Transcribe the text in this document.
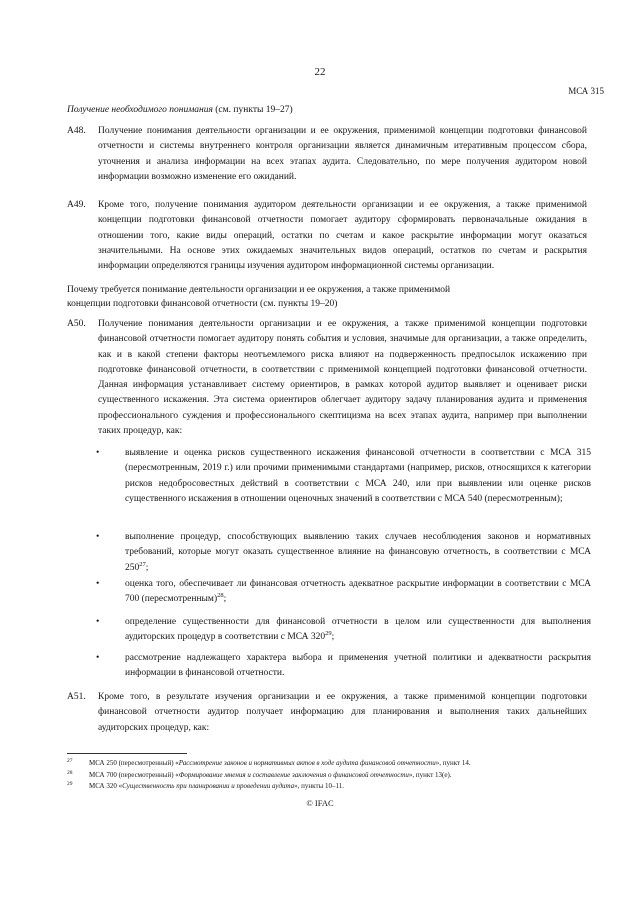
22
МСА 315
Получение необходимого понимания (см. пункты 19–27)
A48. Получение понимания деятельности организации и ее окружения, применимой концепции подготовки финансовой отчетности и системы внутреннего контроля организации является динамичным итеративным процессом сбора, уточнения и анализа информации на всех этапах аудита. Следовательно, по мере получения аудитором новой информации возможно изменение его ожиданий.
A49. Кроме того, получение понимания аудитором деятельности организации и ее окружения, а также применимой концепции подготовки финансовой отчетности помогает аудитору сформировать первоначальные ожидания в отношении того, какие виды операций, остатки по счетам и какое раскрытие информации могут оказаться значительными. На основе этих ожидаемых значительных видов операций, остатков по счетам и раскрытия информации определяются границы изучения аудитором информационной системы организации.
Почему требуется понимание деятельности организации и ее окружения, а также применимой
концепции подготовки финансовой отчетности (см. пункты 19–20)
A50. Получение понимания деятельности организации и ее окружения, а также применимой концепции подготовки финансовой отчетности помогает аудитору понять события и условия, значимые для организации, а также определить, как и в какой степени факторы неотъемлемого риска влияют на подверженность предпосылок искажению при подготовке финансовой отчетности, в соответствии с применимой концепцией подготовки финансовой отчетности. Данная информация устанавливает систему ориентиров, в рамках которой аудитор выявляет и оценивает риски существенного искажения. Эта система ориентиров облегчает аудитору задачу планирования аудита и применения профессионального суждения и профессионального скептицизма на всех этапах аудита, например при выполнении таких процедур, как:
•	выявление и оценка рисков существенного искажения финансовой отчетности в соответствии с МСА 315 (пересмотренным, 2019 г.) или прочими применимыми стандартами (например, рисков, относящихся к категории рисков недобросовестных действий в соответствии с МСА 240, или при выявлении или оценке рисков существенного искажения в отношении оценочных значений в соответствии с МСА 540 (пересмотренным);
•	выполнение процедур, способствующих выявлению таких случаев несоблюдения законов и нормативных требований, которые могут оказать существенное влияние на финансовую отчетность, в соответствии с МСА $250^{27}$;
•	оценка того, обеспечивает ли финансовая отчетность адекватное раскрытие информации в соответствии с МСА 700 (пересмотренным)$^{28}$;
•	определение существенности для финансовой отчетности в целом или существенности для выполнения аудиторских процедур в соответствии с МСА $320^{29}$;
•	рассмотрение надлежащего характера выбора и применения учетной политики и адекватности раскрытия информации в финансовой отчетности.
A51. Кроме того, в результате изучения организации и ее окружения, а также применимой концепции подготовки финансовой отчетности аудитор получает информацию для планирования и выполнения таких дальнейших аудиторских процедур, как:
27 МСА 250 (пересмотренный) «Рассмотрение законов и нормативных актов в ходе аудита финансовой отчетности», пункт 14.
28 МСА 700 (пересмотренный) «Формирование мнения и составление заключения о финансовой отчетности», пункт 13(е).
29 МСА 320 «Существенность при планировании и проведении аудита», пункты 10–11.
© IFAC
